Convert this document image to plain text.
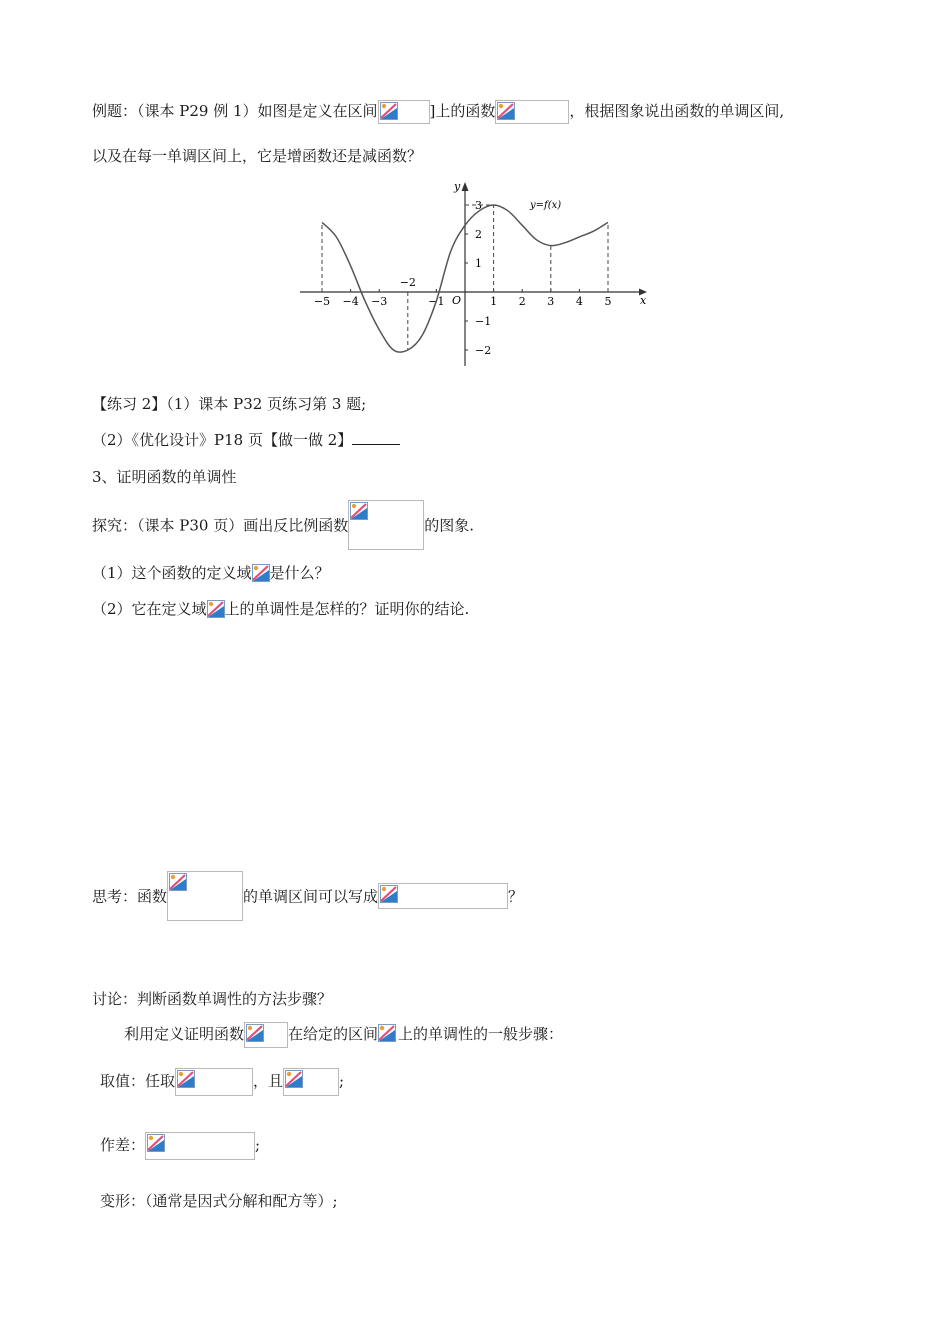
例题：（课本 P29 例 1）如图是定义在区间	]上的函数	，根据图象说出函数的单调区间,
以及在每一单调区间上，它是增函数还是减函数？
x
y
O
−5 −4 −3	−1	1 2 3 4 5
−2
3
2
1
−1
−2
y=f(x)
【练习 2】（1）课本 P32 页练习第 3 题;
（2）《优化设计》P18 页【做一做 2】
3、证明函数的单调性
探究：（课本 P30 页）画出反比例函数	的图象.
（1）这个函数的定义域 是什么？
（2）它在定义域 上的单调性是怎样的？证明你的结论.
思考：函数	的单调区间可以写成	？
讨论：判断函数单调性的方法步骤？
利用定义证明函数	在给定的区间 上的单调性的一般步骤：
取值：任取	，且	;
作差：	;
变形：（通常是因式分解和配方等）;
